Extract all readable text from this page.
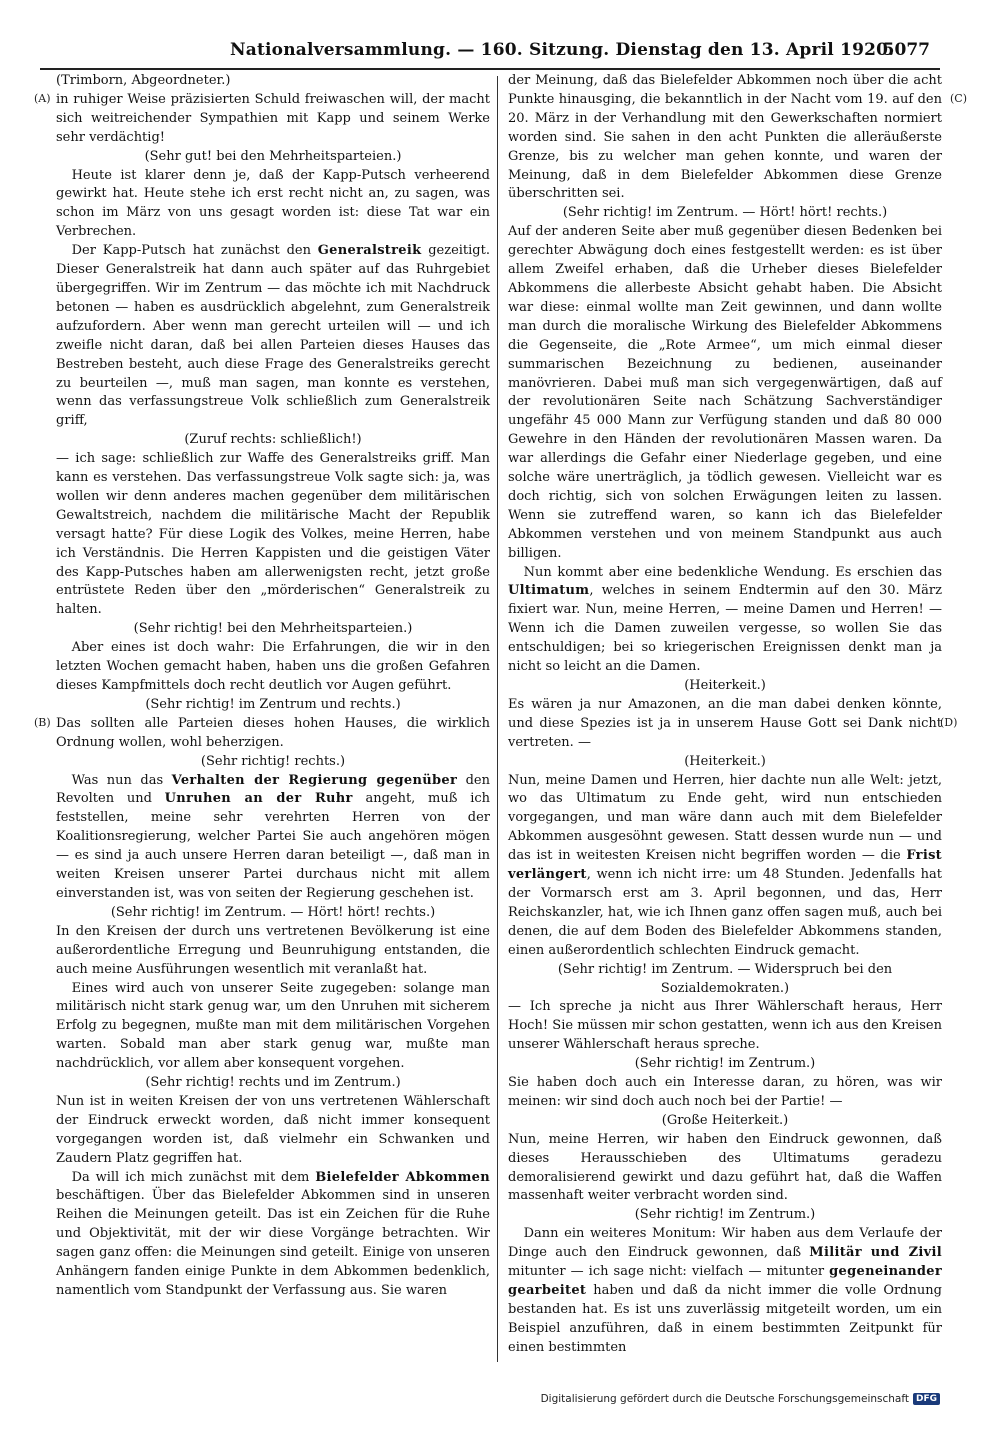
Nationalversammlung. — 160. Sitzung. Dienstag den 13. April 1920.
5077
(A)
(B)
(C)
(D)

(Trimborn, Abgeordneter.)

in ruhiger Weise präzisierten Schuld freiwaschen will, der macht sich weitreichender Sympathien mit Kapp und seinem Werke sehr verdächtig!

(Sehr gut! bei den Mehrheitsparteien.)

Heute ist klarer denn je, daß der Kapp-Putsch verheerend gewirkt hat. Heute stehe ich erst recht nicht an, zu sagen, was schon im März von uns gesagt worden ist: diese Tat war ein Verbrechen.

Der Kapp-Putsch hat zunächst den Generalstreik gezeitigt. Dieser Generalstreik hat dann auch später auf das Ruhrgebiet übergegriffen. Wir im Zentrum — das möchte ich mit Nachdruck betonen — haben es ausdrücklich abgelehnt, zum Generalstreik aufzufordern. Aber wenn man gerecht urteilen will — und ich zweifle nicht daran, daß bei allen Parteien dieses Hauses das Bestreben besteht, auch diese Frage des Generalstreiks gerecht zu beurteilen —, muß man sagen, man konnte es verstehen, wenn das verfassungstreue Volk schließlich zum Generalstreik griff,

(Zuruf rechts: schließlich!)

— ich sage: schließlich zur Waffe des Generalstreiks griff. Man kann es verstehen. Das verfassungstreue Volk sagte sich: ja, was wollen wir denn anderes machen gegenüber dem militärischen Gewaltstreich, nachdem die militärische Macht der Republik versagt hatte? Für diese Logik des Volkes, meine Herren, habe ich Verständnis. Die Herren Kappisten und die geistigen Väter des Kapp-Putsches haben am allerwenigsten recht, jetzt große entrüstete Reden über den „mörderischen“ Generalstreik zu halten.

(Sehr richtig! bei den Mehrheitsparteien.)

Aber eines ist doch wahr: Die Erfahrungen, die wir in den letzten Wochen gemacht haben, haben uns die großen Gefahren dieses Kampfmittels doch recht deutlich vor Augen geführt.

(Sehr richtig! im Zentrum und rechts.)

Das sollten alle Parteien dieses hohen Hauses, die wirklich Ordnung wollen, wohl beherzigen.

(Sehr richtig! rechts.)

Was nun das Verhalten der Regierung gegenüber den Revolten und Unruhen an der Ruhr angeht, muß ich feststellen, meine sehr verehrten Herren von der Koalitionsregierung, welcher Partei Sie auch angehören mögen — es sind ja auch unsere Herren daran beteiligt —, daß man in weiten Kreisen unserer Partei durchaus nicht mit allem einverstanden ist, was von seiten der Regierung geschehen ist.

(Sehr richtig! im Zentrum. — Hört! hört! rechts.)

In den Kreisen der durch uns vertretenen Bevölkerung ist eine außerordentliche Erregung und Beunruhigung entstanden, die auch meine Ausführungen wesentlich mit veranlaßt hat.

Eines wird auch von unserer Seite zugegeben: solange man militärisch nicht stark genug war, um den Unruhen mit sicherem Erfolg zu begegnen, mußte man mit dem militärischen Vorgehen warten. Sobald man aber stark genug war, mußte man nachdrücklich, vor allem aber konsequent vorgehen.

(Sehr richtig! rechts und im Zentrum.)

Nun ist in weiten Kreisen der von uns vertretenen Wählerschaft der Eindruck erweckt worden, daß nicht immer konsequent vorgegangen worden ist, daß vielmehr ein Schwanken und Zaudern Platz gegriffen hat.

Da will ich mich zunächst mit dem Bielefelder Abkommen beschäftigen. Über das Bielefelder Abkommen sind in unseren Reihen die Meinungen geteilt. Das ist ein Zeichen für die Ruhe und Objektivität, mit der wir diese Vorgänge betrachten. Wir sagen ganz offen: die Meinungen sind geteilt. Einige von unseren Anhängern fanden einige Punkte in dem Abkommen bedenklich, namentlich vom Standpunkt der Verfassung aus. Sie waren

der Meinung, daß das Bielefelder Abkommen noch über die acht Punkte hinausging, die bekanntlich in der Nacht vom 19. auf den 20. März in der Verhandlung mit den Gewerkschaften normiert worden sind. Sie sahen in den acht Punkten die alleräußerste Grenze, bis zu welcher man gehen konnte, und waren der Meinung, daß in dem Bielefelder Abkommen diese Grenze überschritten sei.

(Sehr richtig! im Zentrum. — Hört! hört! rechts.)

Auf der anderen Seite aber muß gegenüber diesen Bedenken bei gerechter Abwägung doch eines festgestellt werden: es ist über allem Zweifel erhaben, daß die Urheber dieses Bielefelder Abkommens die allerbeste Absicht gehabt haben. Die Absicht war diese: einmal wollte man Zeit gewinnen, und dann wollte man durch die moralische Wirkung des Bielefelder Abkommens die Gegenseite, die „Rote Armee“, um mich einmal dieser summarischen Bezeichnung zu bedienen, auseinander manövrieren. Dabei muß man sich vergegenwärtigen, daß auf der revolutionären Seite nach Schätzung Sachverständiger ungefähr 45 000 Mann zur Verfügung standen und daß 80 000 Gewehre in den Händen der revolutionären Massen waren. Da war allerdings die Gefahr einer Niederlage gegeben, und eine solche wäre unerträglich, ja tödlich gewesen. Vielleicht war es doch richtig, sich von solchen Erwägungen leiten zu lassen. Wenn sie zutreffend waren, so kann ich das Bielefelder Abkommen verstehen und von meinem Standpunkt aus auch billigen.

Nun kommt aber eine bedenkliche Wendung. Es erschien das Ultimatum, welches in seinem Endtermin auf den 30. März fixiert war. Nun, meine Herren, — meine Damen und Herren! — Wenn ich die Damen zuweilen vergesse, so wollen Sie das entschuldigen; bei so kriegerischen Ereignissen denkt man ja nicht so leicht an die Damen.

(Heiterkeit.)

Es wären ja nur Amazonen, an die man dabei denken könnte, und diese Spezies ist ja in unserem Hause Gott sei Dank nicht vertreten. —

(Heiterkeit.)

Nun, meine Damen und Herren, hier dachte nun alle Welt: jetzt, wo das Ultimatum zu Ende geht, wird nun entschieden vorgegangen, und man wäre dann auch mit dem Bielefelder Abkommen ausgesöhnt gewesen. Statt dessen wurde nun — und das ist in weitesten Kreisen nicht begriffen worden — die Frist verlängert, wenn ich nicht irre: um 48 Stunden. Jedenfalls hat der Vormarsch erst am 3. April begonnen, und das, Herr Reichskanzler, hat, wie ich Ihnen ganz offen sagen muß, auch bei denen, die auf dem Boden des Bielefelder Abkommens standen, einen außerordentlich schlechten Eindruck gemacht.

(Sehr richtig! im Zentrum. — Widerspruch bei den Sozialdemokraten.)

— Ich spreche ja nicht aus Ihrer Wählerschaft heraus, Herr Hoch! Sie müssen mir schon gestatten, wenn ich aus den Kreisen unserer Wählerschaft heraus spreche.

(Sehr richtig! im Zentrum.)

Sie haben doch auch ein Interesse daran, zu hören, was wir meinen: wir sind doch auch noch bei der Partie! —

(Große Heiterkeit.)

Nun, meine Herren, wir haben den Eindruck gewonnen, daß dieses Herausschieben des Ultimatums geradezu demoralisierend gewirkt und dazu geführt hat, daß die Waffen massenhaft weiter verbracht worden sind.

(Sehr richtig! im Zentrum.)

Dann ein weiteres Monitum: Wir haben aus dem Verlaufe der Dinge auch den Eindruck gewonnen, daß Militär und Zivil mitunter — ich sage nicht: vielfach — mitunter gegeneinander gearbeitet haben und daß da nicht immer die volle Ordnung bestanden hat. Es ist uns zuverlässig mitgeteilt worden, um ein Beispiel anzuführen, daß in einem bestimmten Zeitpunkt für einen bestimmten

Digitalisierung gefördert durch die Deutsche Forschungsgemeinschaft DFG
